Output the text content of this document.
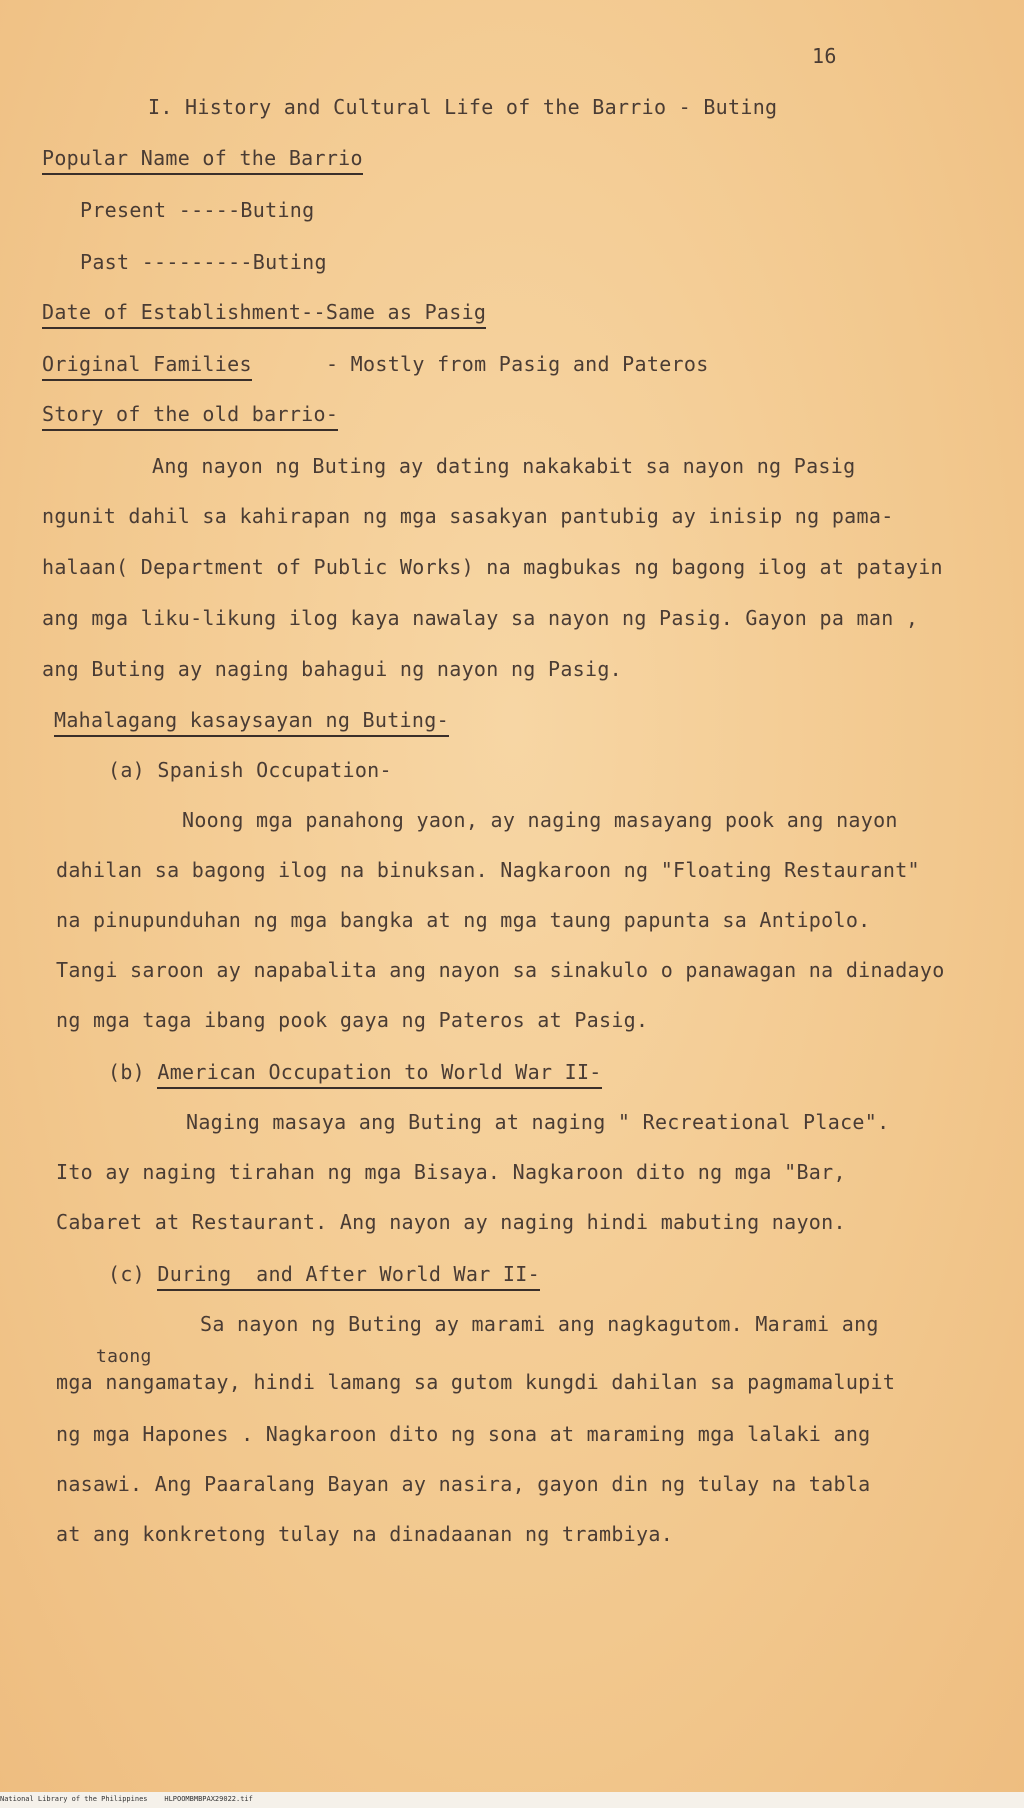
16
I. History and Cultural Life of the Barrio - Buting
Popular Name of the Barrio
Present -----Buting
Past ---------Buting
Date of Establishment--Same as Pasig
Original Families	- Mostly from Pasig and Pateros
Story of the old barrio-
Ang nayon ng Buting ay dating nakakabit sa nayon ng Pasig
ngunit dahil sa kahirapan ng mga sasakyan pantubig ay inisip ng pama-
halaan( Department of Public Works) na magbukas ng bagong ilog at patayin
ang mga liku-likung ilog kaya nawalay sa nayon ng Pasig. Gayon pa man ,
ang Buting ay naging bahagui ng nayon ng Pasig.
Mahalagang kasaysayan ng Buting-
(a) Spanish Occupation-
Noong mga panahong yaon, ay naging masayang pook ang nayon
dahilan sa bagong ilog na binuksan. Nagkaroon ng "Floating Restaurant"
na pinupunduhan ng mga bangka at ng mga taung papunta sa Antipolo.
Tangi saroon ay napabalita ang nayon sa sinakulo o panawagan na dinadayo
ng mga taga ibang pook gaya ng Pateros at Pasig.
(b) American Occupation to World War II-
Naging masaya ang Buting at naging " Recreational Place".
Ito ay naging tirahan ng mga Bisaya. Nagkaroon dito ng mga "Bar,
Cabaret at Restaurant. Ang nayon ay naging hindi mabuting nayon.
(c) During  and After World War II-
Sa nayon ng Buting ay marami ang nagkagutom. Marami ang
taong
mga nangamatay, hindi lamang sa gutom kungdi dahilan sa pagmamalupit
ng mga Hapones . Nagkaroon dito ng sona at maraming mga lalaki ang
nasawi. Ang Paaralang Bayan ay nasira, gayon din ng tulay na tabla
at ang konkretong tulay na dinadaanan ng trambiya.
National Library of the Philippines    HLPOOMBMBPAX29022.tif
